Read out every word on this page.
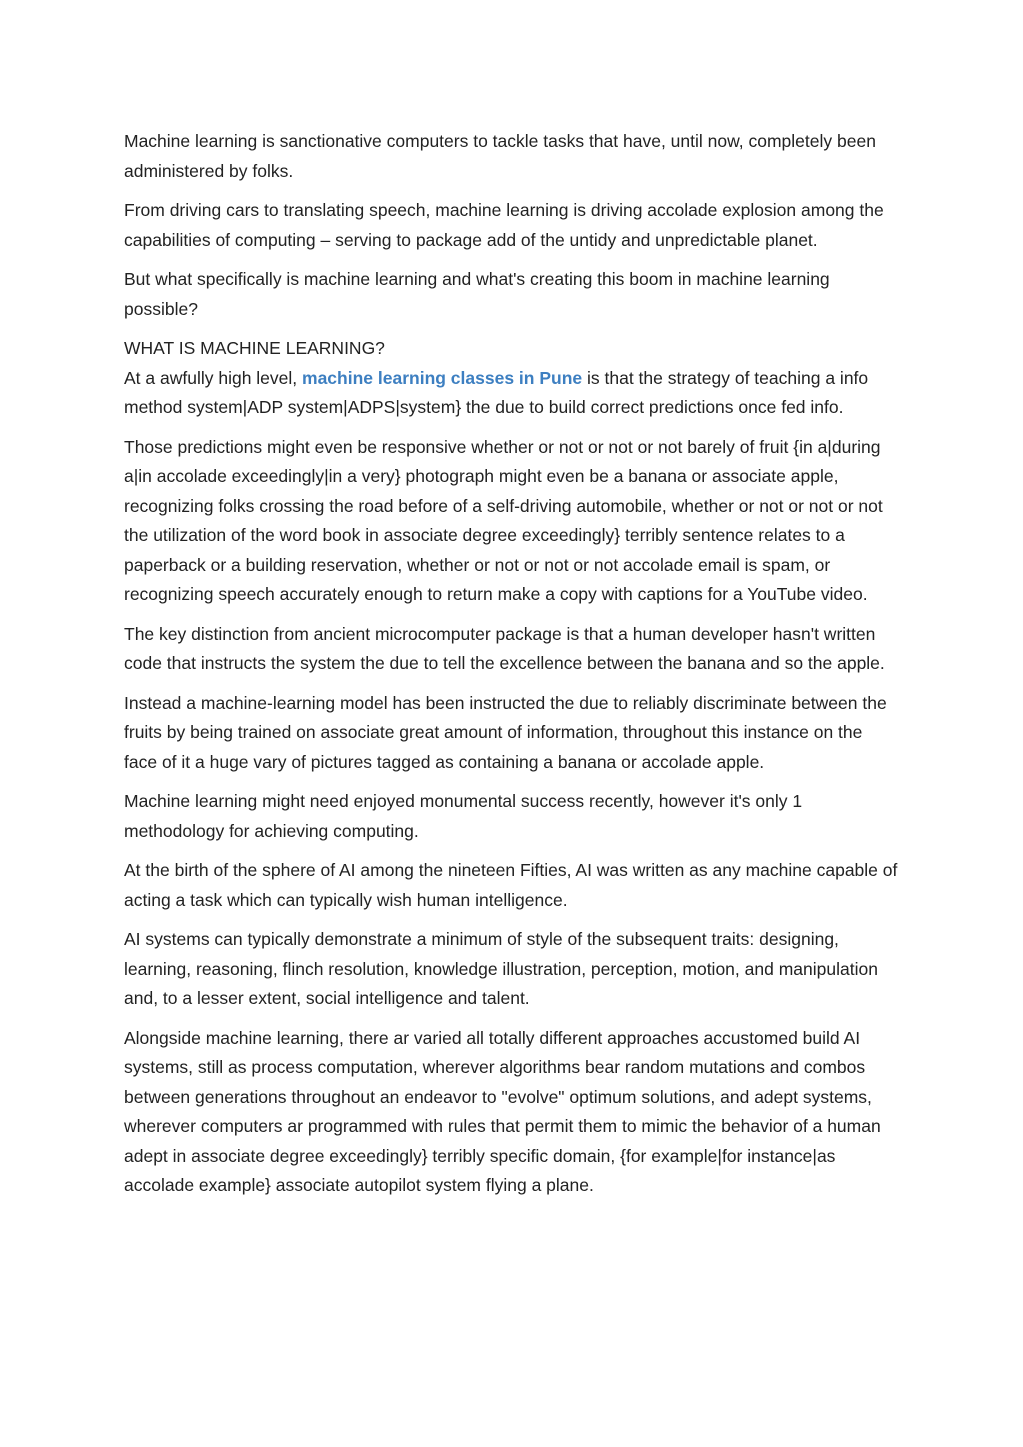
Machine learning is sanctionative computers to tackle tasks that have, until now, completely been administered by folks.

From driving cars to translating speech, machine learning is driving accolade explosion among the capabilities of computing – serving to package add of the untidy and unpredictable planet.

But what specifically is machine learning and what's creating this boom in machine learning possible?

WHAT IS MACHINE LEARNING?

At a awfully high level, machine learning classes in Pune is that the strategy of teaching a info method system|ADP system|ADPS|system} the due to build correct predictions once fed info.

Those predictions might even be responsive whether or not or not or not barely of fruit {in a|during a|in accolade exceedingly|in a very} photograph might even be a banana or associate apple, recognizing folks crossing the road before of a self-driving automobile, whether or not or not or not the utilization of the word book in associate degree exceedingly} terribly sentence relates to a paperback or a building reservation, whether or not or not or not accolade email is spam, or recognizing speech accurately enough to return make a copy with captions for a YouTube video.

The key distinction from ancient microcomputer package is that a human developer hasn't written code that instructs the system the due to tell the excellence between the banana and so the apple.

Instead a machine-learning model has been instructed the due to reliably discriminate between the fruits by being trained on associate great amount of information, throughout this instance on the face of it a huge vary of pictures tagged as containing a banana or accolade apple.

Machine learning might need enjoyed monumental success recently, however it's only 1 methodology for achieving computing.

At the birth of the sphere of AI among the nineteen Fifties, AI was written as any machine capable of acting a task which can typically wish human intelligence.

AI systems can typically demonstrate a minimum of style of the subsequent traits: designing, learning, reasoning, flinch resolution, knowledge illustration, perception, motion, and manipulation and, to a lesser extent, social intelligence and talent.

Alongside machine learning, there ar varied all totally different approaches accustomed build AI systems, still as process computation, wherever algorithms bear random mutations and combos between generations throughout an endeavor to "evolve" optimum solutions, and adept systems, wherever computers ar programmed with rules that permit them to mimic the behavior of a human adept in associate degree exceedingly} terribly specific domain, {for example|for instance|as accolade example} associate autopilot system flying a plane.
